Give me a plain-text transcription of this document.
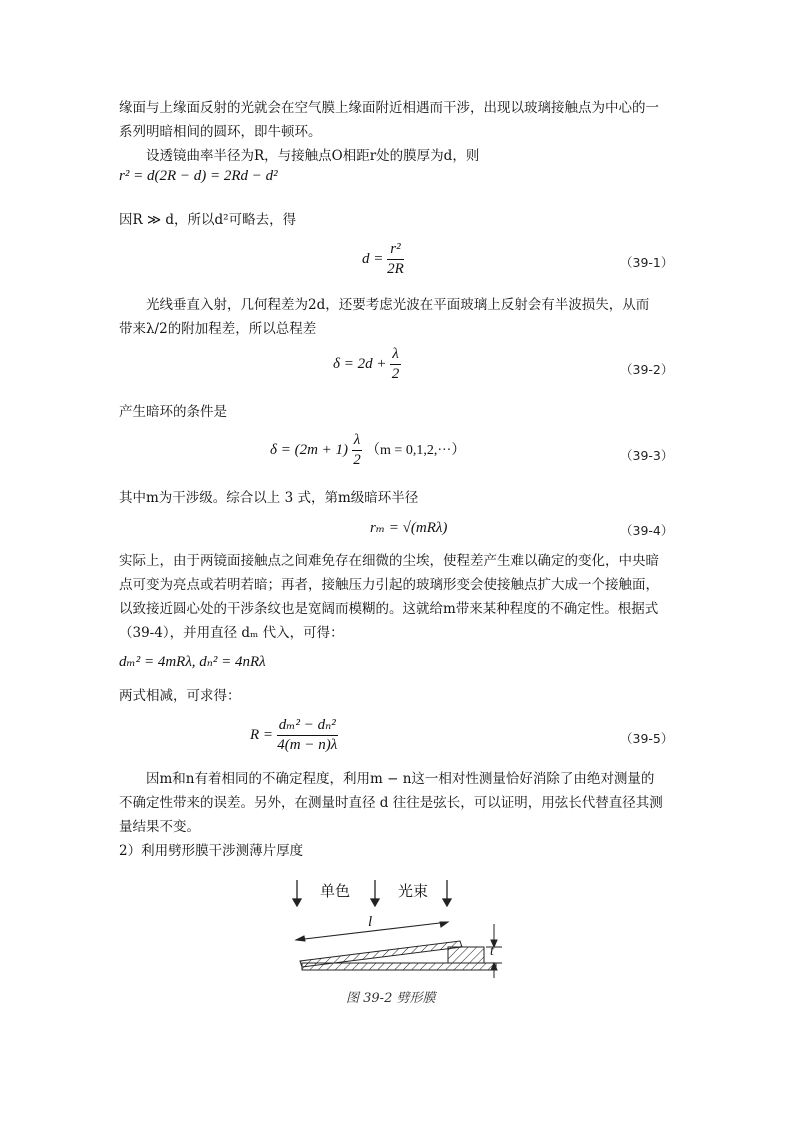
缘面与上缘面反射的光就会在空气膜上缘面附近相遇而干涉，出现以玻璃接触点为中心的一
系列明暗相间的圆环，即牛顿环。
设透镜曲率半径为R，与接触点O相距r处的膜厚为d，则
r² = d(2R − d) = 2Rd − d²
因R ≫ d，所以d²可略去，得
$d = \frac{\text{r²}}{2R}$	（39-1）
光线垂直入射，几何程差为2d，还要考虑光波在平面玻璃上反射会有半波损失，从而
带来λ/2的附加程差，所以总程差
$\delta = 2d + \frac{\lambda}{2}$	（39-2）
产生暗环的条件是
$\delta = (2m + 1) \frac{\lambda}{2} (m = 0,1,2,\cdot\cdot\cdot)$	（39-3）
其中m为干涉级。综合以上 3 式，第m级暗环半径
rₘ = √(mRλ)	（39-4）
实际上，由于两镜面接触点之间难免存在细微的尘埃，使程差产生难以确定的变化，中央暗
点可变为亮点或若明若暗；再者，接触压力引起的玻璃形变会使接触点扩大成一个接触面，
以致接近圆心处的干涉条纹也是宽阔而模糊的。这就给m带来某种程度的不确定性。根据式
（39-4），并用直径 dₘ 代入，可得：
dₘ² = 4mRλ, dₙ² = 4nRλ
两式相减，可求得：
$R = \frac{\text{dₘ² − dₙ²}}{4(m - n)\lambda}$	（39-5）
因m和n有着相同的不确定程度，利用m − n这一相对性测量恰好消除了由绝对测量的
不确定性带来的误差。另外，在测量时直径 d 往往是弦长，可以证明，用弦长代替直径其测
量结果不变。
2）利用劈形膜干涉测薄片厚度
单色	光束
l
t
图 39-2 劈形膜
